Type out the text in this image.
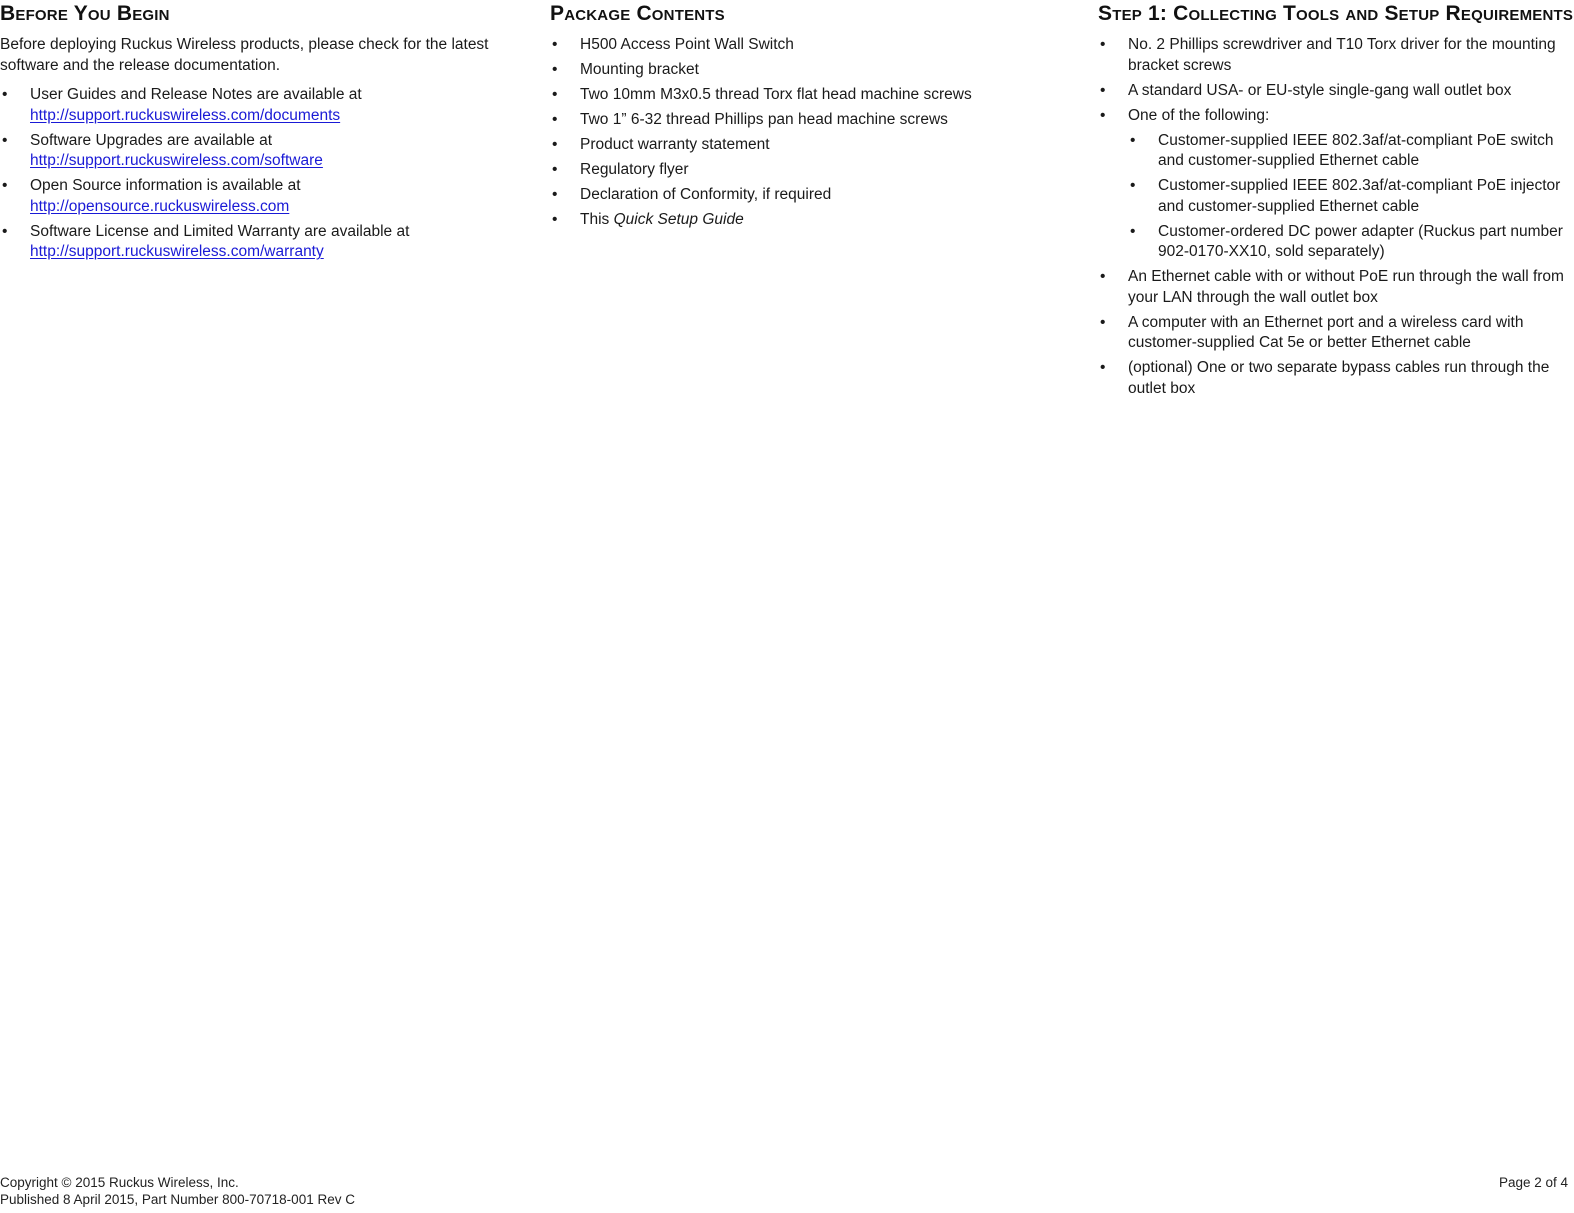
Before You Begin

Before deploying Ruckus Wireless products, please check for the latest software and the release documentation.

• User Guides and Release Notes are available at
http://support.ruckuswireless.com/documents
• Software Upgrades are available at
http://support.ruckuswireless.com/software
• Open Source information is available at
http://opensource.ruckuswireless.com
• Software License and Limited Warranty are available at
http://support.ruckuswireless.com/warranty
Package Contents
• H500 Access Point Wall Switch
• Mounting bracket
• Two 10mm M3x0.5 thread Torx flat head machine screws
• Two 1” 6-32 thread Phillips pan head machine screws
• Product warranty statement
• Regulatory flyer
• Declaration of Conformity, if required
• This Quick Setup Guide
Step 1: Collecting Tools and Setup Requirements
• No. 2 Phillips screwdriver and T10 Torx driver for the mounting bracket screws
• A standard USA- or EU-style single-gang wall outlet box
• One of the following:
• Customer-supplied IEEE 802.3af/at-compliant PoE switch and customer-supplied Ethernet cable
• Customer-supplied IEEE 802.3af/at-compliant PoE injector and customer-supplied Ethernet cable
• Customer-ordered DC power adapter (Ruckus part number 902-0170-XX10, sold separately)
• An Ethernet cable with or without PoE run through the wall from your LAN through the wall outlet box
• A computer with an Ethernet port and a wireless card with customer-supplied Cat 5e or better Ethernet cable
• (optional) One or two separate bypass cables run through the outlet box
Copyright © 2015 Ruckus Wireless, Inc.
Published 8 April 2015, Part Number 800-70718-001 Rev C
Page 2 of 4
